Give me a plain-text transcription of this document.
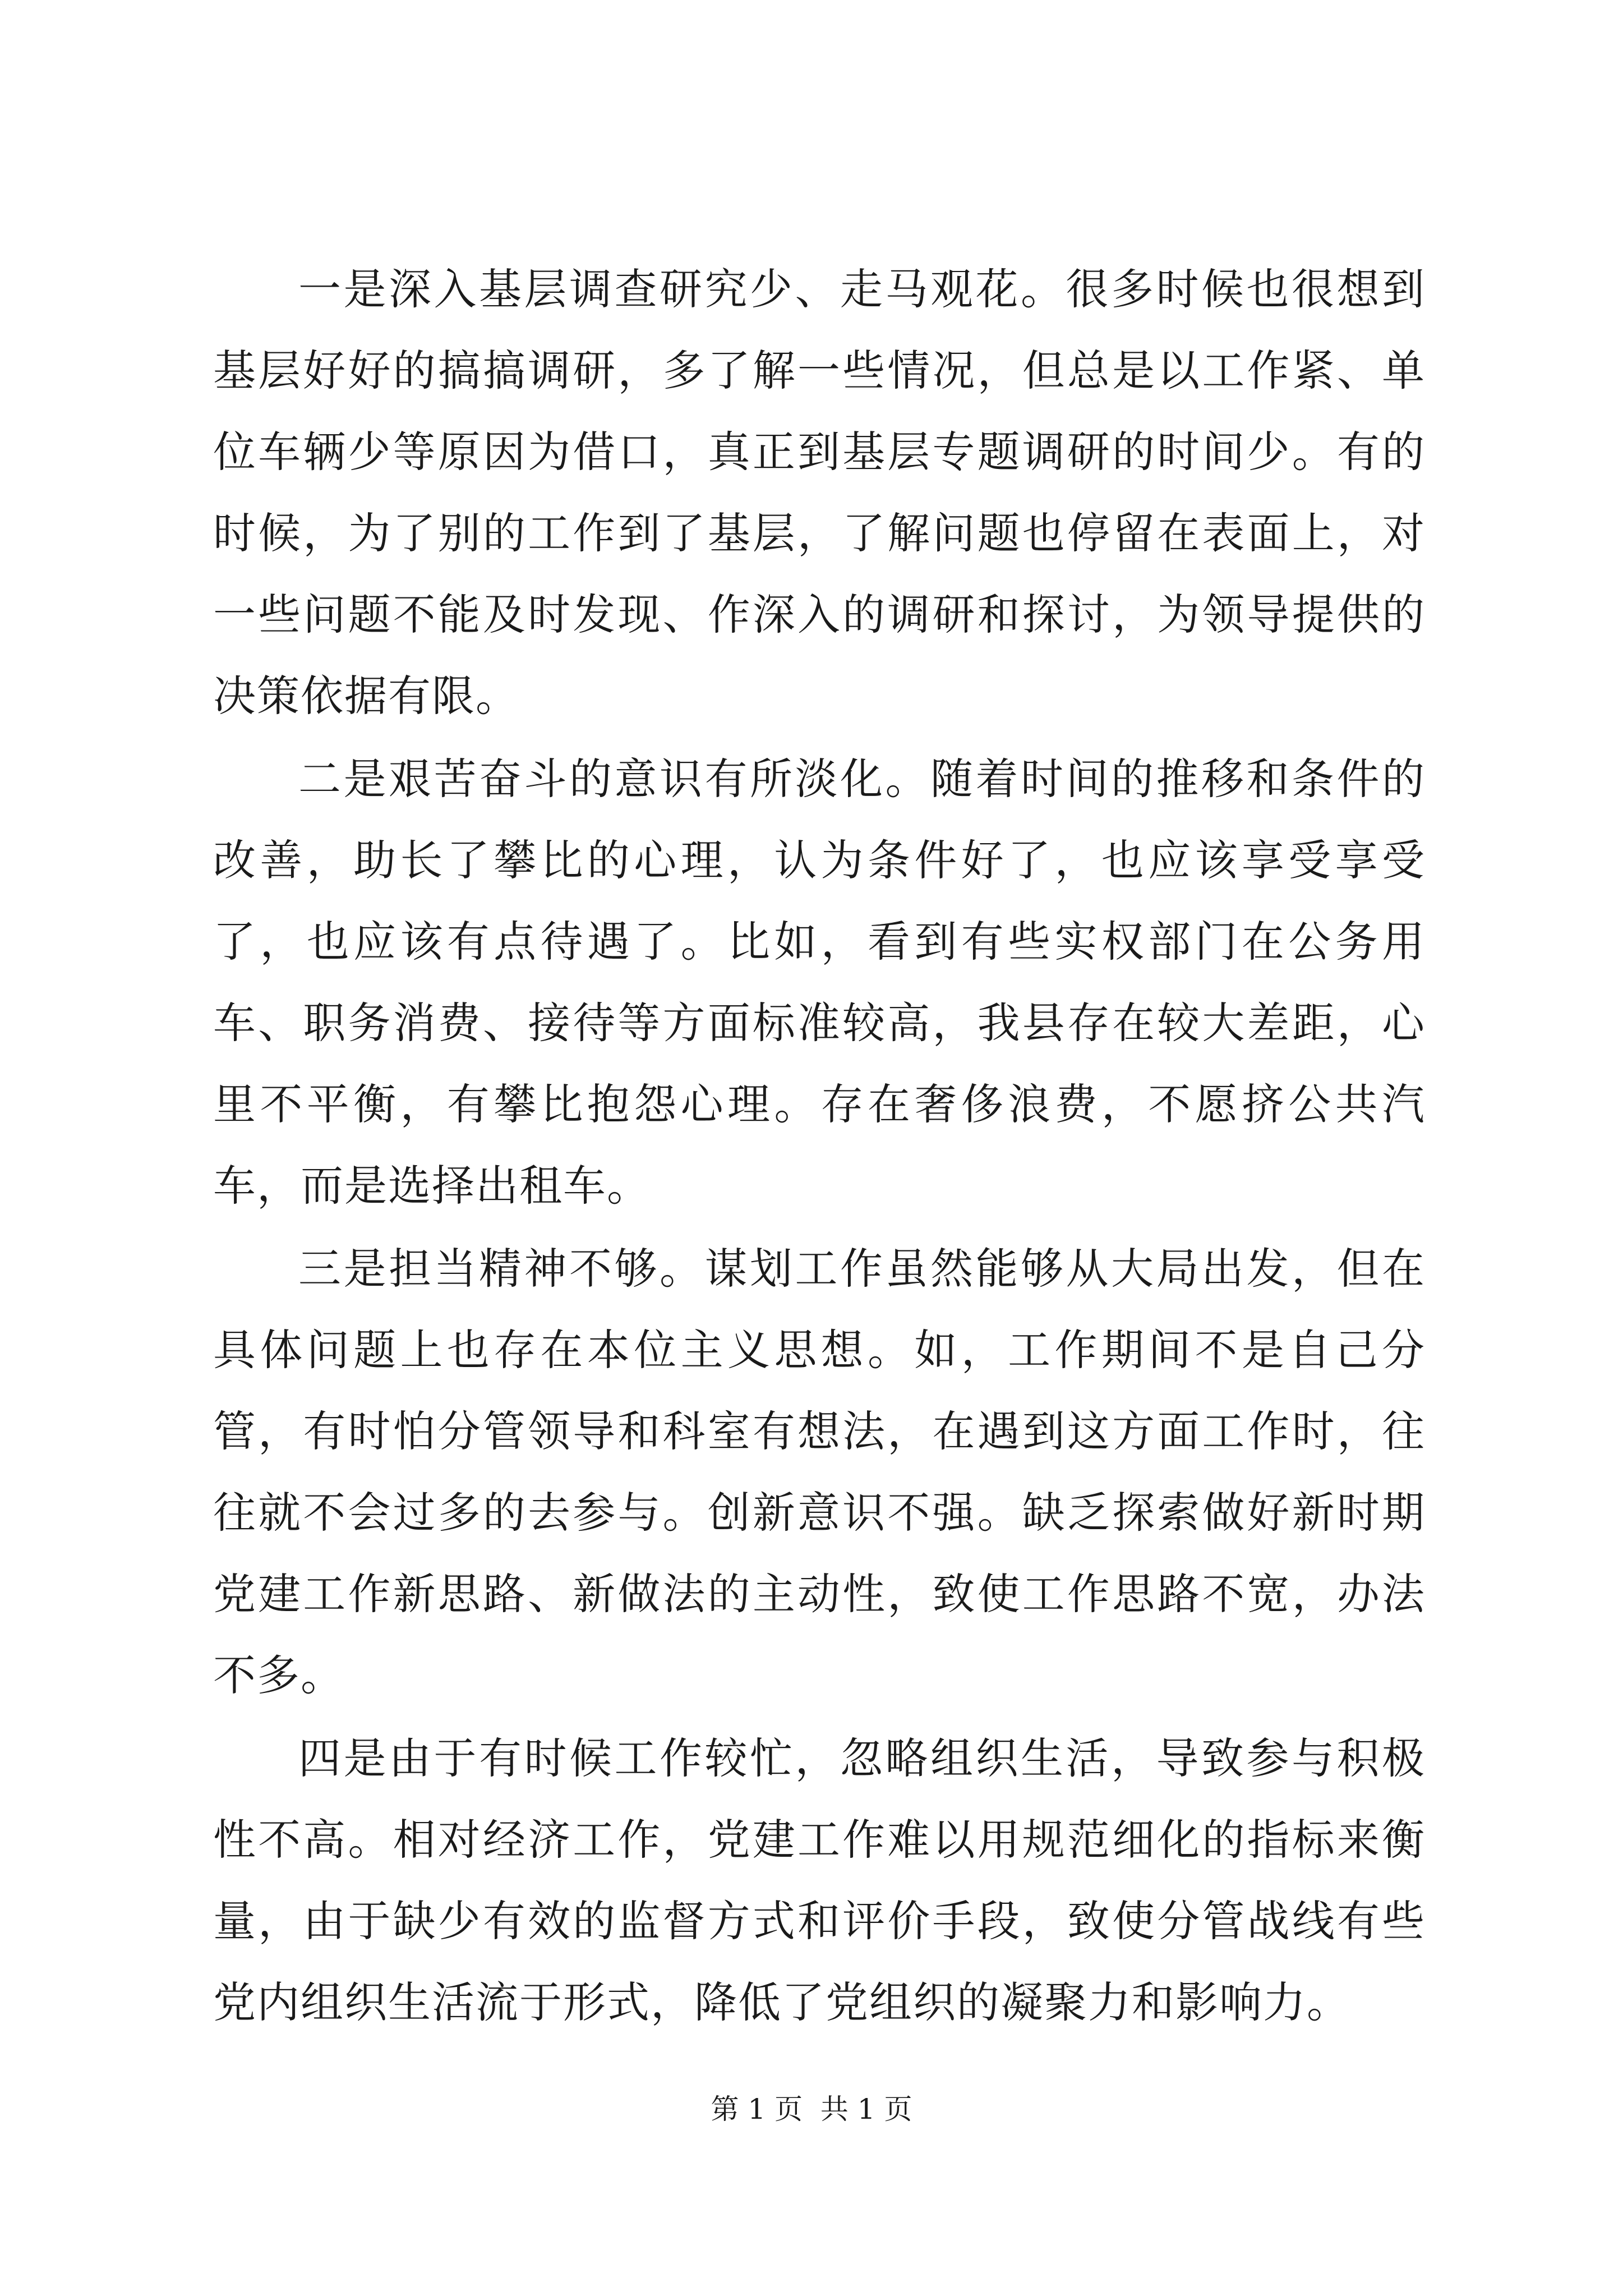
一是深入基层调查研究少、走马观花。很多时候也很想到基层好好的搞搞调研，多了解一些情况，但总是以工作紧、单位车辆少等原因为借口，真正到基层专题调研的时间少。有的时候，为了别的工作到了基层，了解问题也停留在表面上，对一些问题不能及时发现、作深入的调研和探讨，为领导提供的决策依据有限。

二是艰苦奋斗的意识有所淡化。随着时间的推移和条件的改善，助长了攀比的心理，认为条件好了，也应该享受享受了，也应该有点待遇了。比如，看到有些实权部门在公务用车、职务消费、接待等方面标准较高，我县存在较大差距，心里不平衡，有攀比抱怨心理。存在奢侈浪费，不愿挤公共汽车，而是选择出租车。

三是担当精神不够。谋划工作虽然能够从大局出发，但在具体问题上也存在本位主义思想。如，工作期间不是自己分管，有时怕分管领导和科室有想法，在遇到这方面工作时，往往就不会过多的去参与。创新意识不强。缺乏探索做好新时期党建工作新思路、新做法的主动性，致使工作思路不宽，办法不多。

四是由于有时候工作较忙，忽略组织生活，导致参与积极性不高。相对经济工作，党建工作难以用规范细化的指标来衡量，由于缺少有效的监督方式和评价手段，致使分管战线有些党内组织生活流于形式，降低了党组织的凝聚力和影响力。

第 1 页  共 1 页
